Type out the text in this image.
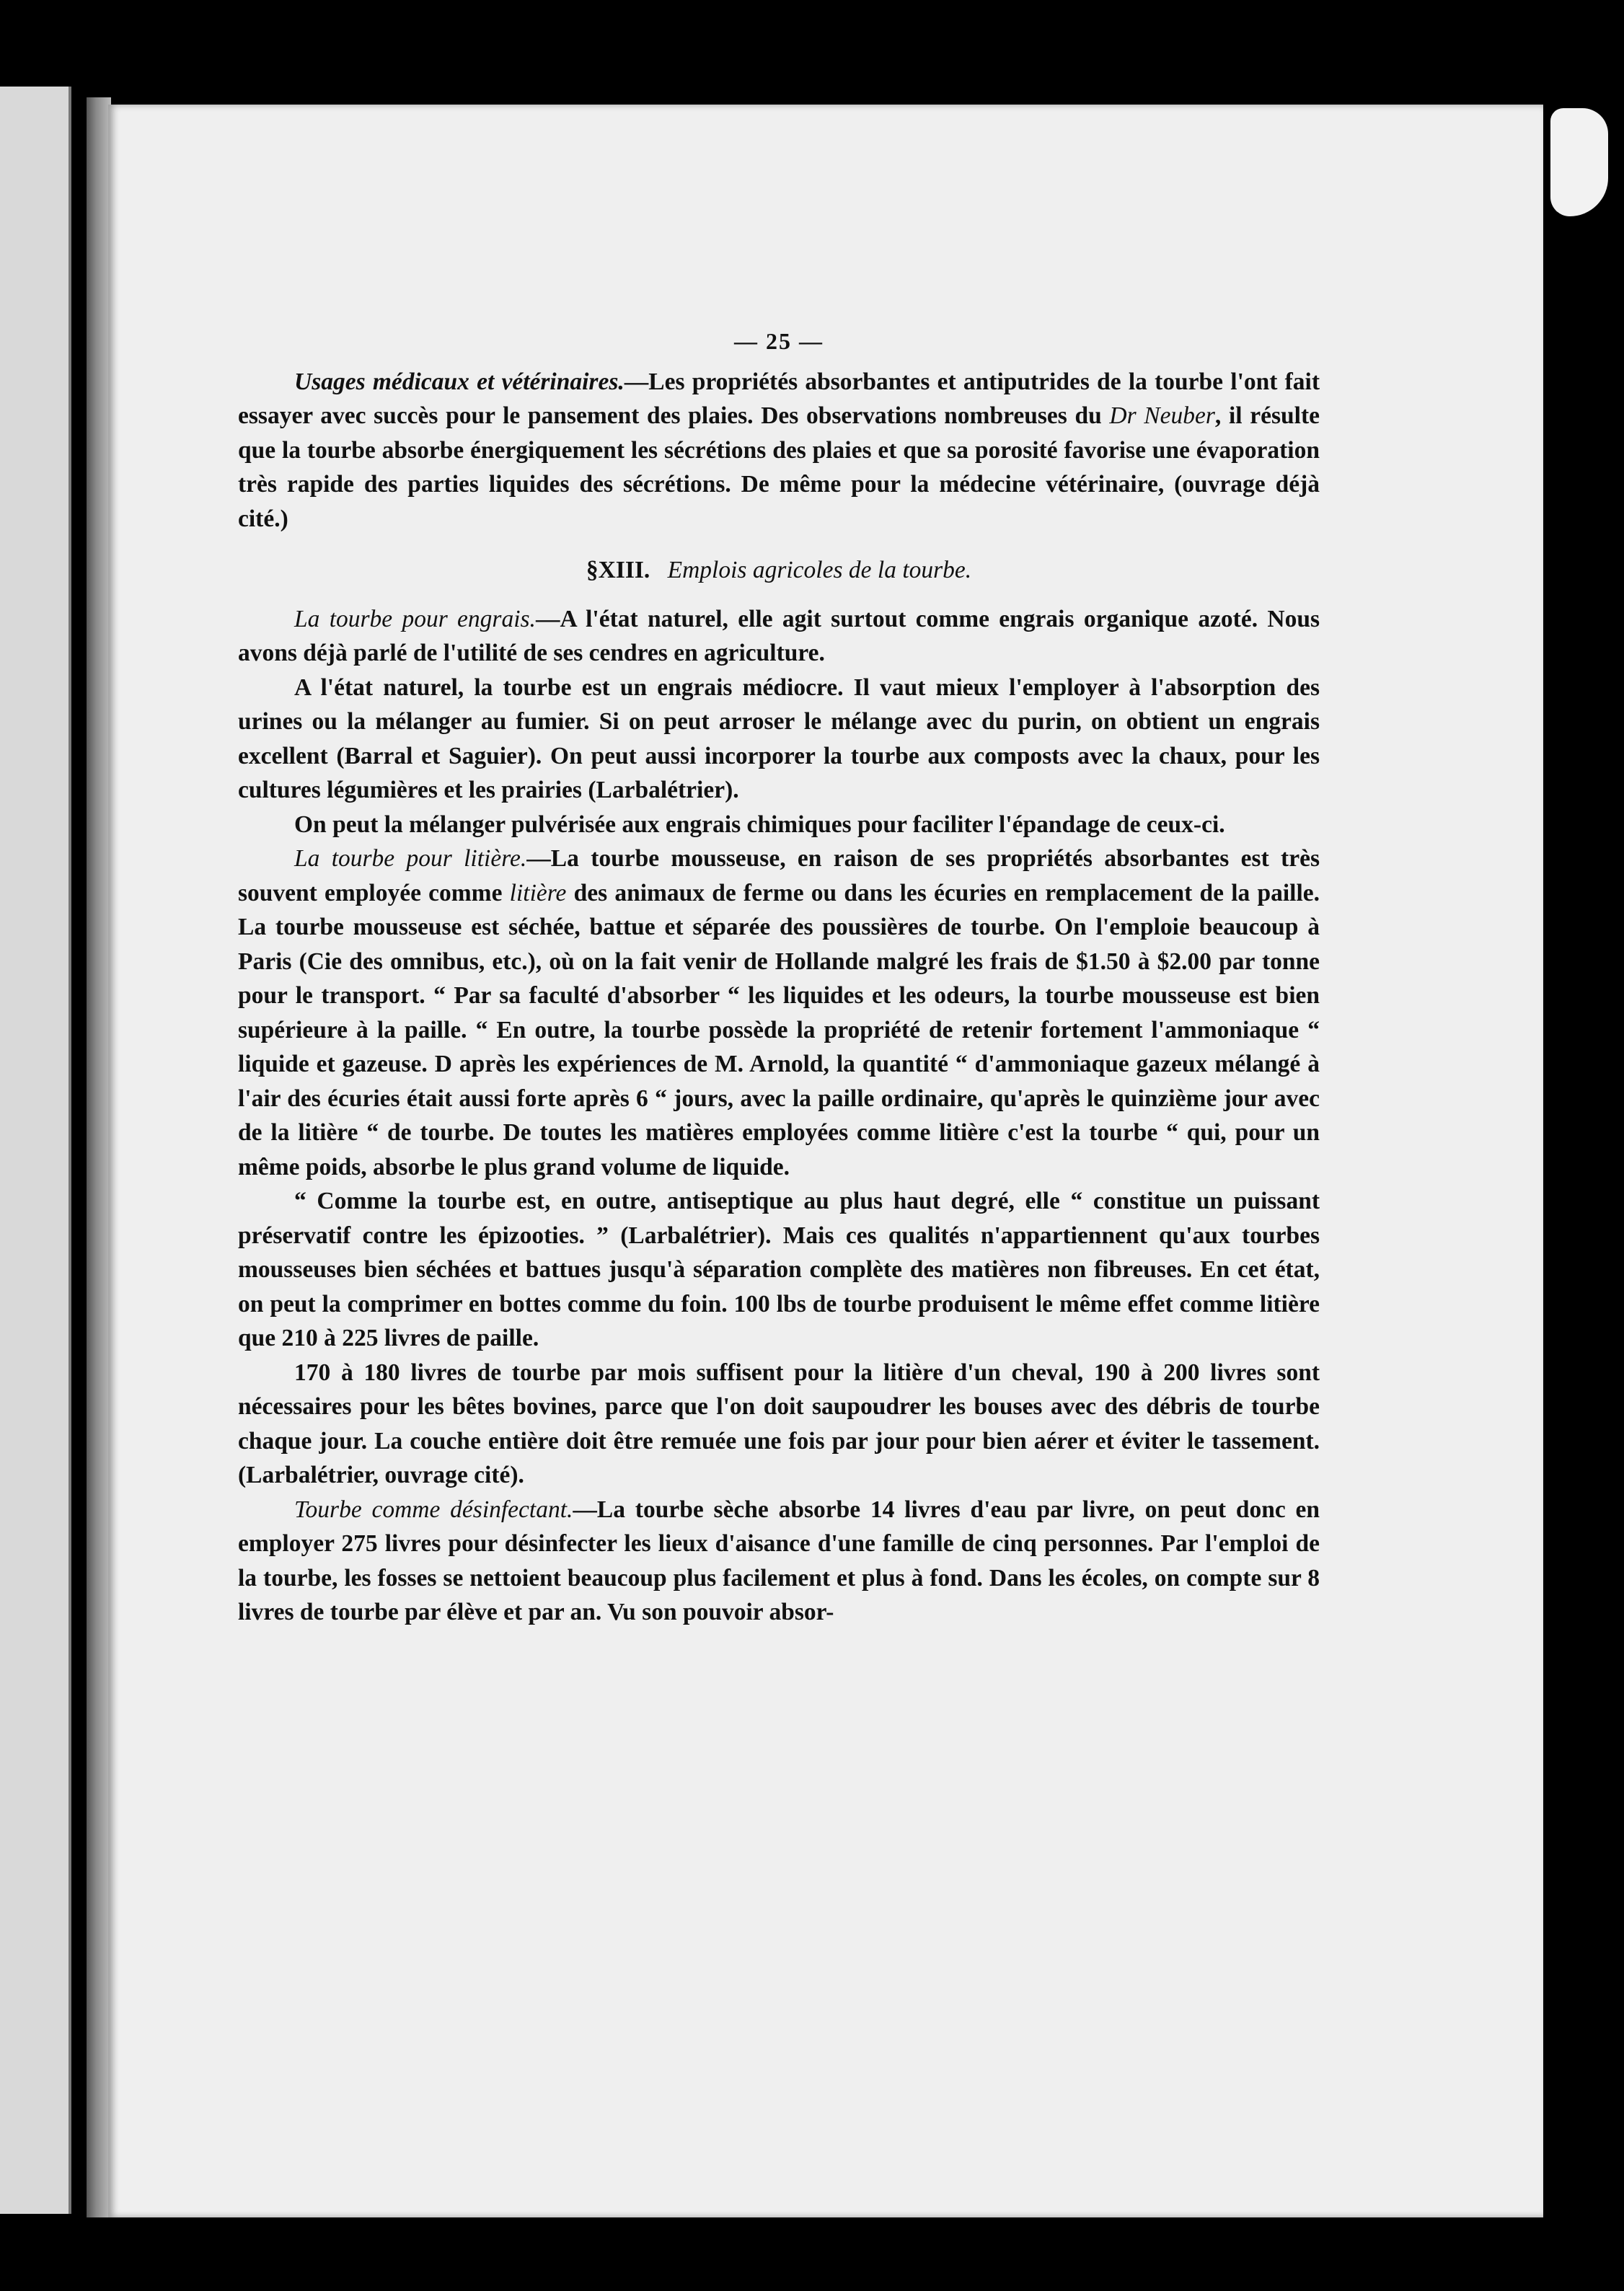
— 25 —

Usages médicaux et vétérinaires.—Les propriétés absorbantes et antiputrides de la tourbe l'ont fait essayer avec succès pour le pansement des plaies. Des observations nombreuses du Dr Neuber, il résulte que la tourbe absorbe énergiquement les sécrétions des plaies et que sa porosité favorise une évaporation très rapide des parties liquides des sécrétions. De même pour la médecine vétérinaire, (ouvrage déjà cité.)

§XIII. Emplois agricoles de la tourbe.

La tourbe pour engrais.—A l'état naturel, elle agit surtout comme engrais organique azoté. Nous avons déjà parlé de l'utilité de ses cendres en agriculture.

A l'état naturel, la tourbe est un engrais médiocre. Il vaut mieux l'employer à l'absorption des urines ou la mélanger au fumier. Si on peut arroser le mélange avec du purin, on obtient un engrais excellent (Barral et Saguier). On peut aussi incorporer la tourbe aux composts avec la chaux, pour les cultures légumières et les prairies (Larbalétrier).

On peut la mélanger pulvérisée aux engrais chimiques pour faciliter l'épandage de ceux-ci.

La tourbe pour litière.—La tourbe mousseuse, en raison de ses propriétés absorbantes est très souvent employée comme litière des animaux de ferme ou dans les écuries en remplacement de la paille. La tourbe mousseuse est séchée, battue et séparée des poussières de tourbe. On l'emploie beaucoup à Paris (Cie des omnibus, etc.), où on la fait venir de Hollande malgré les frais de $1.50 à $2.00 par tonne pour le transport. “ Par sa faculté d'absorber “ les liquides et les odeurs, la tourbe mousseuse est bien supérieure à la paille. “ En outre, la tourbe possède la propriété de retenir fortement l'ammoniaque “ liquide et gazeuse. D après les expériences de M. Arnold, la quantité “ d'ammoniaque gazeux mélangé à l'air des écuries était aussi forte après 6 “ jours, avec la paille ordinaire, qu'après le quinzième jour avec de la litière “ de tourbe. De toutes les matières employées comme litière c'est la tourbe “ qui, pour un même poids, absorbe le plus grand volume de liquide.

“ Comme la tourbe est, en outre, antiseptique au plus haut degré, elle “ constitue un puissant préservatif contre les épizooties. ” (Larbalétrier). Mais ces qualités n'appartiennent qu'aux tourbes mousseuses bien séchées et battues jusqu'à séparation complète des matières non fibreuses. En cet état, on peut la comprimer en bottes comme du foin. 100 lbs de tourbe produisent le même effet comme litière que 210 à 225 livres de paille.

170 à 180 livres de tourbe par mois suffisent pour la litière d'un cheval, 190 à 200 livres sont nécessaires pour les bêtes bovines, parce que l'on doit saupoudrer les bouses avec des débris de tourbe chaque jour. La couche entière doit être remuée une fois par jour pour bien aérer et éviter le tassement. (Larbalétrier, ouvrage cité).

Tourbe comme désinfectant.—La tourbe sèche absorbe 14 livres d'eau par livre, on peut donc en employer 275 livres pour désinfecter les lieux d'aisance d'une famille de cinq personnes. Par l'emploi de la tourbe, les fosses se nettoient beaucoup plus facilement et plus à fond. Dans les écoles, on compte sur 8 livres de tourbe par élève et par an. Vu son pouvoir absor-
